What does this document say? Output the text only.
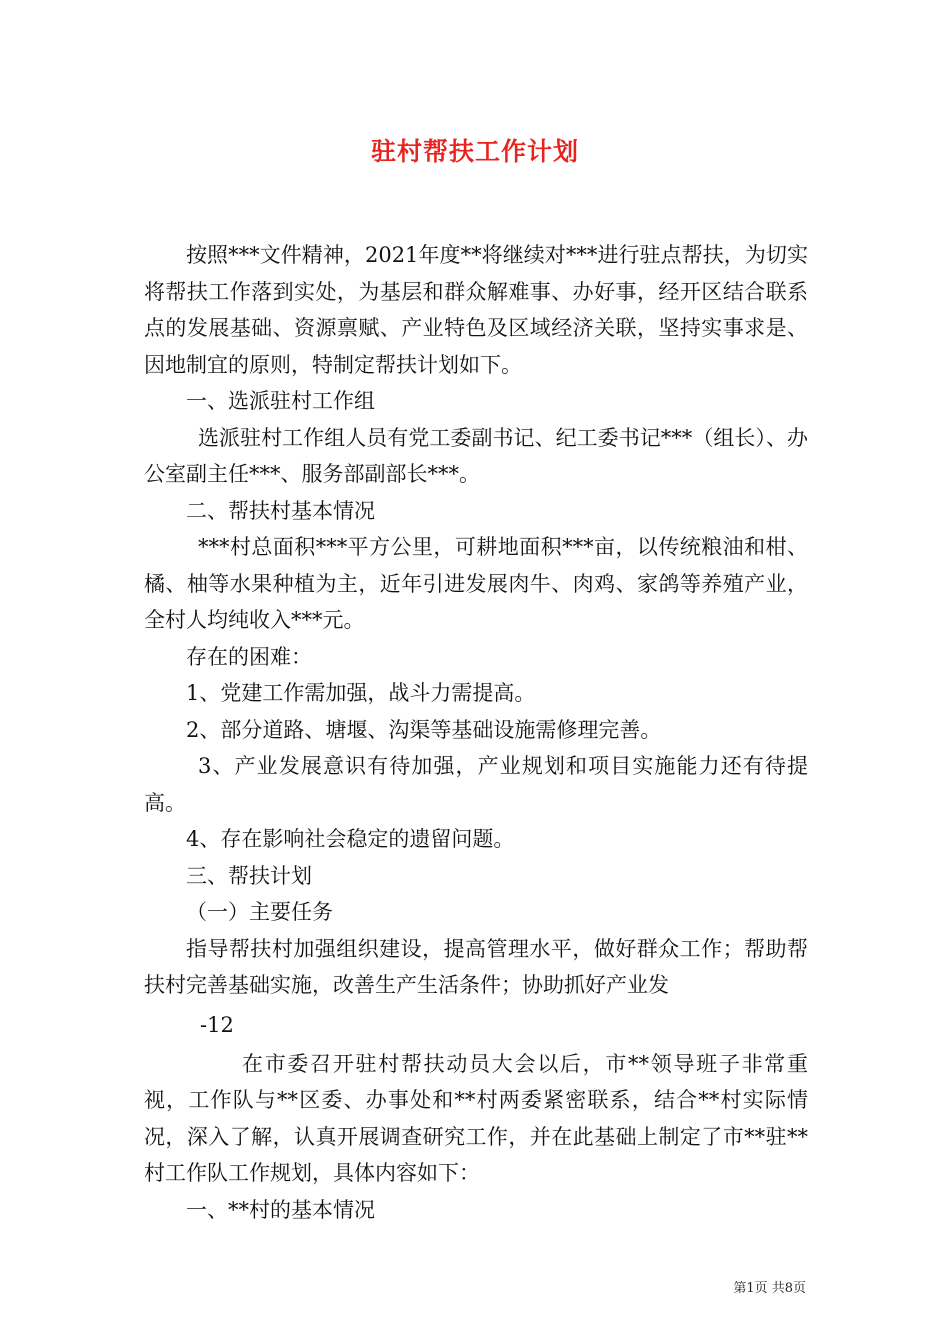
驻村帮扶工作计划

按照***文件精神，2021年度**将继续对***进行驻点帮扶，为切实将帮扶工作落到实处，为基层和群众解难事、办好事，经开区结合联系点的发展基础、资源禀赋、产业特色及区域经济关联，坚持实事求是、因地制宜的原则，特制定帮扶计划如下。

一、选派驻村工作组

选派驻村工作组人员有党工委副书记、纪工委书记***（组长）、办公室副主任***、服务部副部长***。

二、帮扶村基本情况

***村总面积***平方公里，可耕地面积***亩，以传统粮油和柑、橘、柚等水果种植为主，近年引进发展肉牛、肉鸡、家鸽等养殖产业，全村人均纯收入***元。

存在的困难：

1、党建工作需加强，战斗力需提高。

2、部分道路、塘堰、沟渠等基础设施需修理完善。

3、产业发展意识有待加强，产业规划和项目实施能力还有待提高。

4、存在影响社会稳定的遗留问题。

三、帮扶计划

（一）主要任务

指导帮扶村加强组织建设，提高管理水平，做好群众工作；帮助帮扶村完善基础实施，改善生产生活条件；协助抓好产业发

-12

在市委召开驻村帮扶动员大会以后，市**领导班子非常重视，工作队与**区委、办事处和**村两委紧密联系，结合**村实际情况，深入了解，认真开展调查研究工作，并在此基础上制定了市**驻**村工作队工作规划，具体内容如下：

一、**村的基本情况

第1页 共8页
